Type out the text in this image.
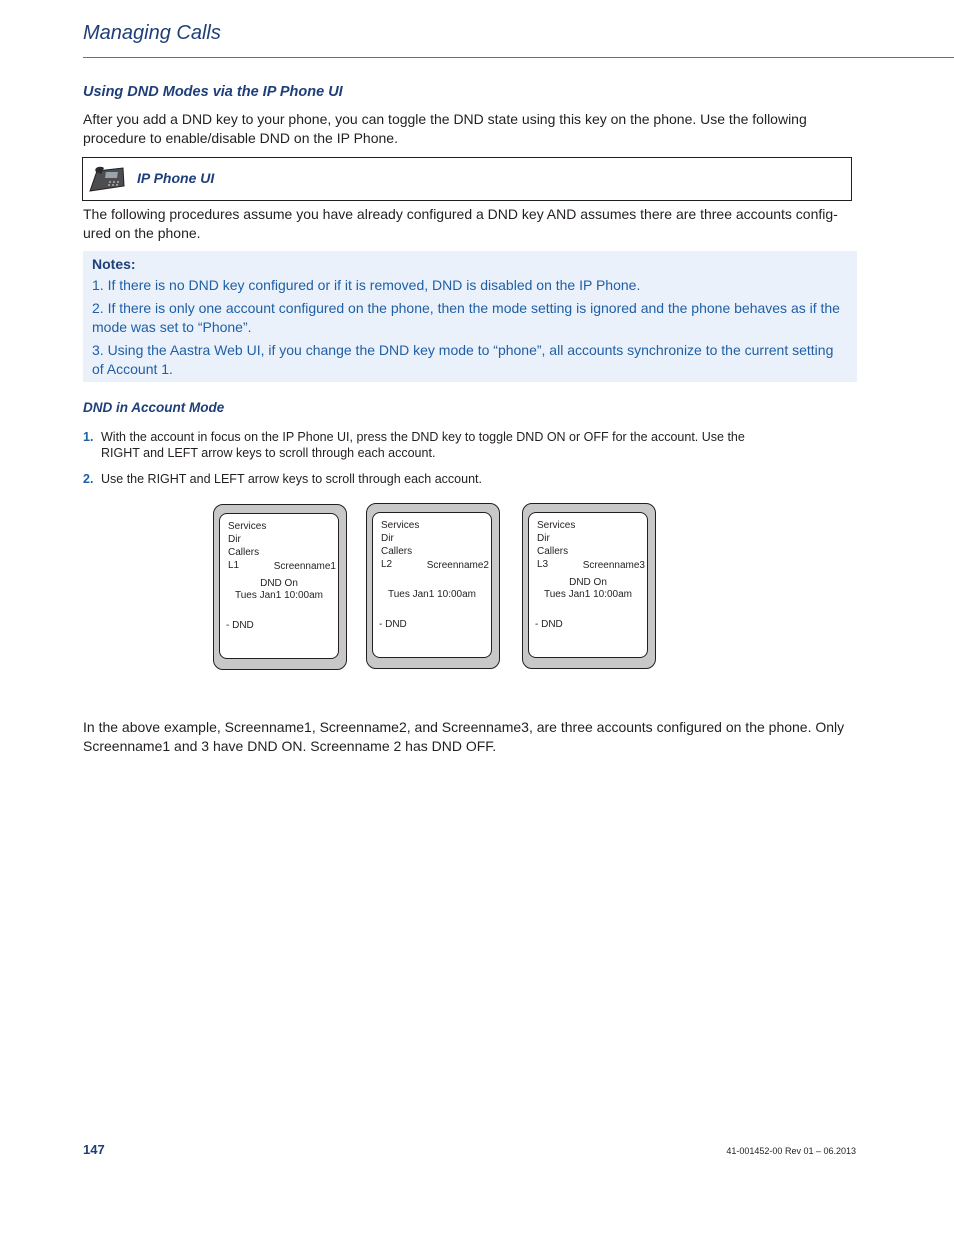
Managing Calls
Using DND Modes via the IP Phone UI
After you add a DND key to your phone, you can toggle the DND state using this key on the phone. Use the following procedure to enable/disable DND on the IP Phone.
IP Phone UI
The following procedures assume you have already configured a DND key AND assumes there are three accounts config-ured on the phone.
Notes:
1. If there is no DND key configured or if it is removed, DND is disabled on the IP Phone.
2. If there is only one account configured on the phone, then the mode setting is ignored and the phone behaves as if the mode was set to “Phone”.
3. Using the Aastra Web UI, if you change the DND key mode to “phone”, all accounts synchronize to the current setting of Account 1.
DND in Account Mode
1. With the account in focus on the IP Phone UI, press the DND key to toggle DND ON or OFF for the account. Use the RIGHT and LEFT arrow keys to scroll through each account.
2. Use the RIGHT and LEFT arrow keys to scroll through each account.
Services
Dir
Callers
L1	Screenname1
DND On
Tues Jan1 10:00am
- DND
Services
Dir
Callers
L2	Screenname2
Tues Jan1 10:00am
- DND
Services
Dir
Callers
L3	Screenname3
DND On
Tues Jan1 10:00am
- DND
In the above example, Screenname1, Screenname2, and Screenname3, are three accounts configured on the phone. Only Screenname1 and 3 have DND ON. Screenname 2 has DND OFF.
147	41-001452-00 Rev 01 – 06.2013
